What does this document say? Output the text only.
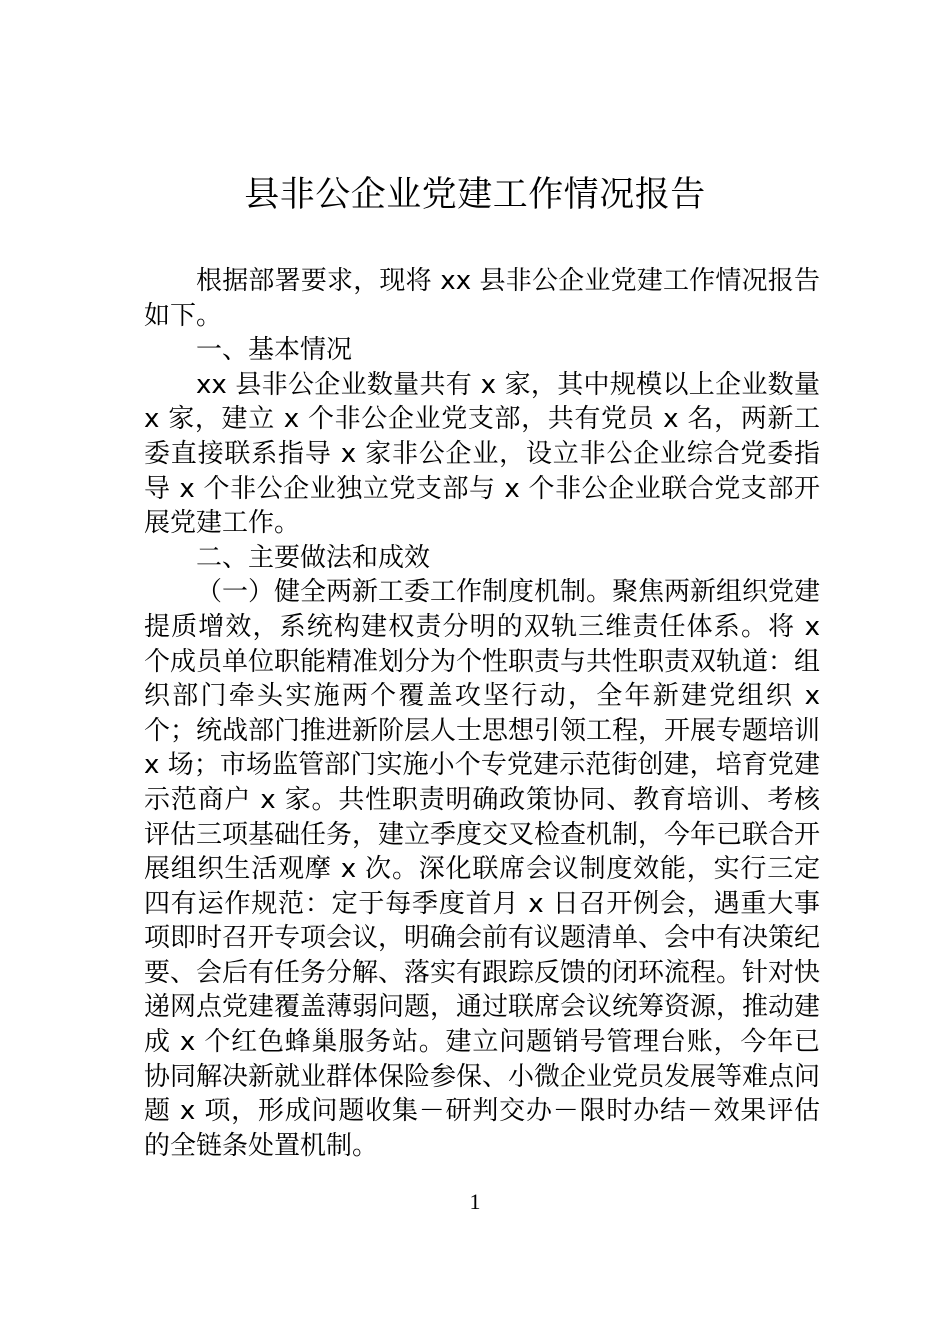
县非公企业党建工作情况报告

根据部署要求，现将 xx 县非公企业党建工作情况报告如下。

一、基本情况

xx 县非公企业数量共有 x 家，其中规模以上企业数量 x 家，建立 x 个非公企业党支部，共有党员 x 名，两新工委直接联系指导 x 家非公企业，设立非公企业综合党委指导 x 个非公企业独立党支部与 x 个非公企业联合党支部开展党建工作。

二、主要做法和成效

（一）健全两新工委工作制度机制。聚焦两新组织党建提质增效，系统构建权责分明的双轨三维责任体系。将 x 个成员单位职能精准划分为个性职责与共性职责双轨道：组织部门牵头实施两个覆盖攻坚行动，全年新建党组织 x 个；统战部门推进新阶层人士思想引领工程，开展专题培训 x 场；市场监管部门实施小个专党建示范街创建，培育党建示范商户 x 家。共性职责明确政策协同、教育培训、考核评估三项基础任务，建立季度交叉检查机制，今年已联合开展组织生活观摩 x 次。深化联席会议制度效能，实行三定四有运作规范：定于每季度首月 x 日召开例会，遇重大事项即时召开专项会议，明确会前有议题清单、会中有决策纪要、会后有任务分解、落实有跟踪反馈的闭环流程。针对快递网点党建覆盖薄弱问题，通过联席会议统筹资源，推动建成 x 个红色蜂巢服务站。建立问题销号管理台账，今年已协同解决新就业群体保险参保、小微企业党员发展等难点问题 x 项，形成问题收集－研判交办－限时办结－效果评估的全链条处置机制。

1
